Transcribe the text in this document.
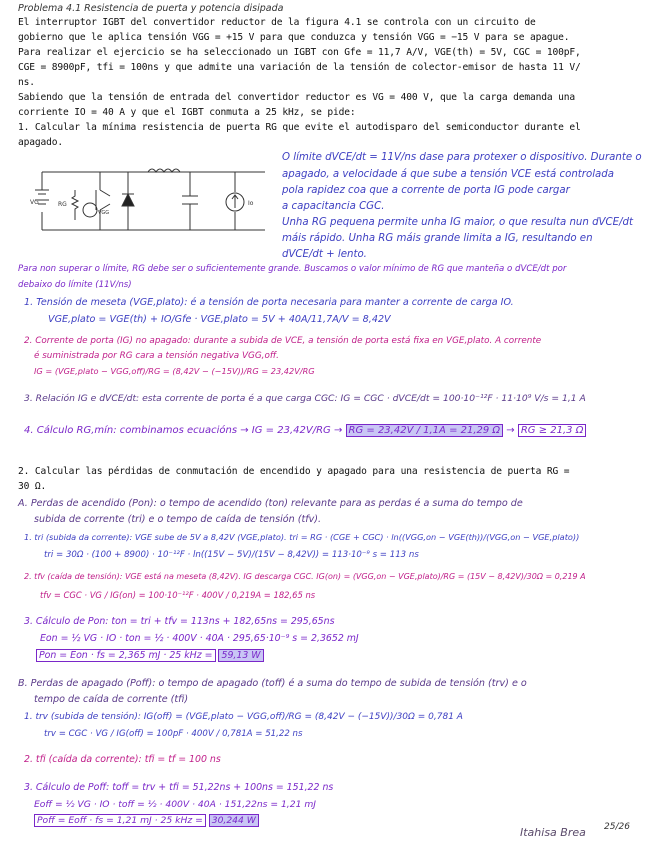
Problema 4.1 Resistencia de puerta y potencia disipada
El interruptor IGBT del convertidor reductor de la figura 4.1 se controla con un circuito de
gobierno que le aplica tensión VGG = +15 V para que conduzca y tensión VGG = −15 V para se apague.
Para realizar el ejercicio se ha seleccionado un IGBT con Gfe = 11,7 A/V, VGE(th) = 5V, CGC = 100pF,
CGE = 8900pF, tfi = 100ns y que admite una variación de la tensión de colector-emisor de hasta 11 V/
ns.
Sabiendo que la tensión de entrada del convertidor reductor es VG = 400 V, que la carga demanda una
corriente IO = 40 A y que el IGBT conmuta a 25 kHz, se pide:
1. Calcular la mínima resistencia de puerta RG que evite el autodisparo del semiconductor durante el
apagado.
VG	RG
VGG
Io
O límite dVCE/dt = 11V/ns dase para protexer o dispositivo. Durante o
apagado, a velocidade á que sube a tensión VCE está controlada
pola rapidez coa que a corrente de porta IG pode cargar
a capacitancia CGC.
Unha RG pequena permite unha IG maior, o que resulta nun dVCE/dt
máis rápido. Unha RG máis grande limita a IG, resultando en
dVCE/dt + lento.
Para non superar o límite, RG debe ser o suficientemente grande. Buscamos o valor mínimo de RG que manteña o dVCE/dt por
debaixo do límite (11V/ns)
1. Tensión de meseta (VGE,plato): é a tensión de porta necesaria para manter a corrente de carga IO.
VGE,plato = VGE(th) + IO/Gfe · VGE,plato = 5V + 40A/11,7A/V = 8,42V
2. Corrente de porta (IG) no apagado: durante a subida de VCE, a tensión de porta está fixa en VGE,plato. A corrente
é suministrada por RG cara a tensión negativa VGG,off.
IG = (VGE,plato − VGG,off)/RG = (8,42V − (−15V))/RG = 23,42V/RG
3. Relación IG e dVCE/dt: esta corrente de porta é a que carga CGC: IG = CGC · dVCE/dt = 100·10⁻¹²F · 11·10⁹ V/s = 1,1 A
4. Cálculo RG,mín: combinamos ecuacións → IG = 23,42V/RG → RG = 23,42V / 1,1A = 21,29 Ω → RG ≥ 21,3 Ω
2. Calcular las pérdidas de conmutación de encendido y apagado para una resistencia de puerta RG =
30 Ω.
A. Perdas de acendido (Pon): o tempo de acendido (ton) relevante para as perdas é a suma do tempo de
subida de corrente (tri) e o tempo de caída de tensión (tfv).
1. tri (subida da corrente): VGE sube de 5V a 8,42V (VGE,plato). tri = RG · (CGE + CGC) · ln((VGG,on − VGE(th))/(VGG,on − VGE,plato))
tri = 30Ω · (100 + 8900) · 10⁻¹²F · ln((15V − 5V)/(15V − 8,42V)) = 113·10⁻⁹ s = 113 ns
2. tfv (caída de tensión): VGE está na meseta (8,42V). IG descarga CGC. IG(on) = (VGG,on − VGE,plato)/RG = (15V − 8,42V)/30Ω = 0,219 A
tfv = CGC · VG / IG(on) = 100·10⁻¹²F · 400V / 0,219A = 182,65 ns
3. Cálculo de Pon: ton = tri + tfv = 113ns + 182,65ns = 295,65ns
Eon = ½ VG · IO · ton = ½ · 400V · 40A · 295,65·10⁻⁹ s = 2,3652 mJ
Pon = Eon · fs = 2,365 mJ · 25 kHz = 59,13 W
B. Perdas de apagado (Poff): o tempo de apagado (toff) é a suma do tempo de subida de tensión (trv) e o
tempo de caída de corrente (tfi)
1. trv (subida de tensión): IG(off) = (VGE,plato − VGG,off)/RG = (8,42V − (−15V))/30Ω = 0,781 A
trv = CGC · VG / IG(off) = 100pF · 400V / 0,781A = 51,22 ns
2. tfi (caída da corrente): tfi = tf = 100 ns
3. Cálculo de Poff: toff = trv + tfi = 51,22ns + 100ns = 151,22 ns
Eoff = ½ VG · IO · toff = ½ · 400V · 40A · 151,22ns = 1,21 mJ
Poff = Eoff · fs = 1,21 mJ · 25 kHz = 30,244 W
Itahisa Brea 25/26
